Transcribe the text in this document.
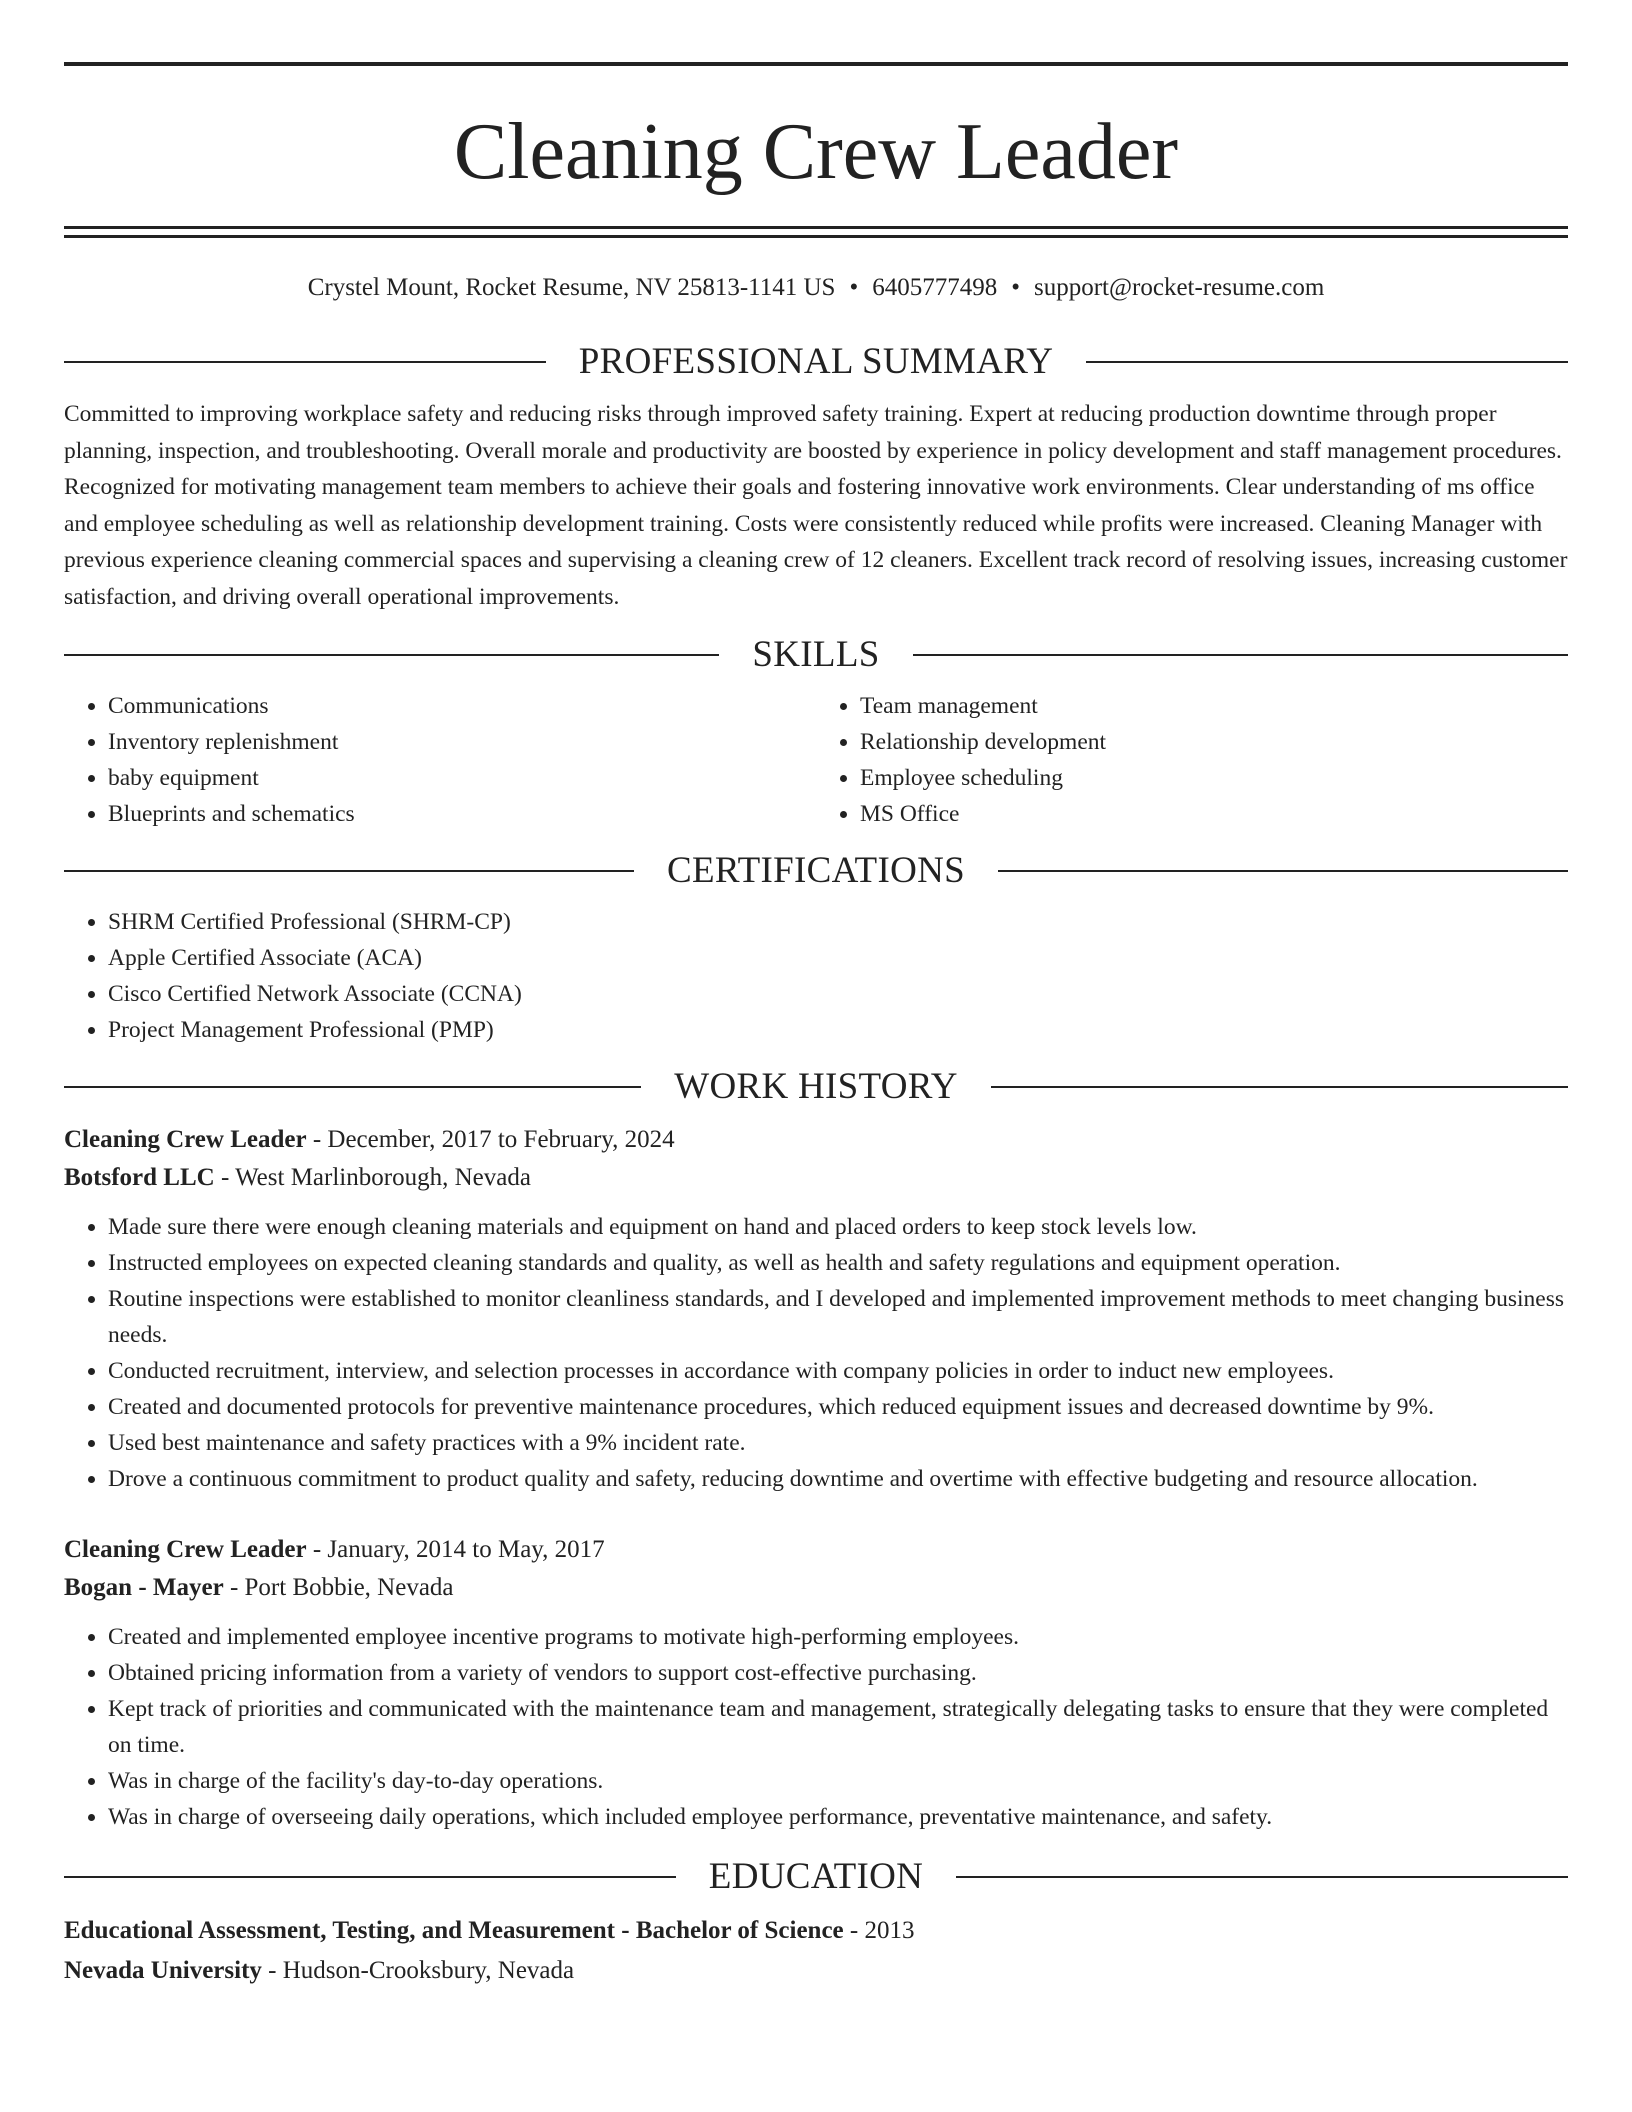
Cleaning Crew Leader
Crystel Mount, Rocket Resume, NV 25813-1141 US • 6405777498 • support@rocket-resume.com
PROFESSIONAL SUMMARY

Committed to improving workplace safety and reducing risks through improved safety training. Expert at reducing production downtime through proper planning, inspection, and troubleshooting. Overall morale and productivity are boosted by experience in policy development and staff management procedures. Recognized for motivating management team members to achieve their goals and fostering innovative work environments. Clear understanding of ms office and employee scheduling as well as relationship development training. Costs were consistently reduced while profits were increased. Cleaning Manager with previous experience cleaning commercial spaces and supervising a cleaning crew of 12 cleaners. Excellent track record of resolving issues, increasing customer satisfaction, and driving overall operational improvements.

SKILLS
• Communications
• Inventory replenishment
• baby equipment
• Blueprints and schematics
• Team management
• Relationship development
• Employee scheduling
• MS Office
CERTIFICATIONS
• SHRM Certified Professional (SHRM-CP)
• Apple Certified Associate (ACA)
• Cisco Certified Network Associate (CCNA)
• Project Management Professional (PMP)
WORK HISTORY
Cleaning Crew Leader - December, 2017 to February, 2024
Botsford LLC - West Marlinborough, Nevada
• Made sure there were enough cleaning materials and equipment on hand and placed orders to keep stock levels low.
• Instructed employees on expected cleaning standards and quality, as well as health and safety regulations and equipment operation.
• Routine inspections were established to monitor cleanliness standards, and I developed and implemented improvement methods to meet changing business needs.
• Conducted recruitment, interview, and selection processes in accordance with company policies in order to induct new employees.
• Created and documented protocols for preventive maintenance procedures, which reduced equipment issues and decreased downtime by 9%.
• Used best maintenance and safety practices with a 9% incident rate.
• Drove a continuous commitment to product quality and safety, reducing downtime and overtime with effective budgeting and resource allocation.
Cleaning Crew Leader - January, 2014 to May, 2017
Bogan - Mayer - Port Bobbie, Nevada
• Created and implemented employee incentive programs to motivate high-performing employees.
• Obtained pricing information from a variety of vendors to support cost-effective purchasing.
• Kept track of priorities and communicated with the maintenance team and management, strategically delegating tasks to ensure that they were completed on time.
• Was in charge of the facility's day-to-day operations.
• Was in charge of overseeing daily operations, which included employee performance, preventative maintenance, and safety.
EDUCATION
Educational Assessment, Testing, and Measurement - Bachelor of Science - 2013
Nevada University - Hudson-Crooksbury, Nevada
